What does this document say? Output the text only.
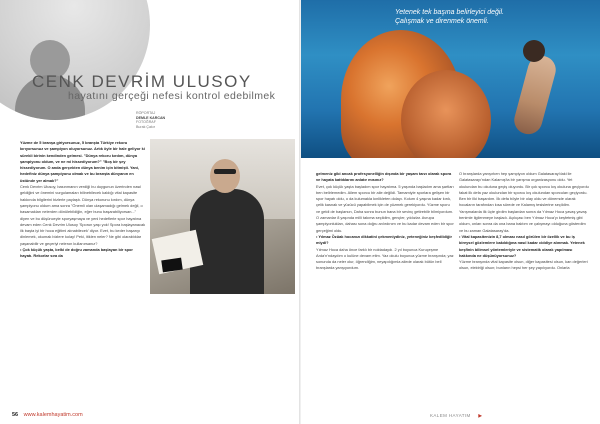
CENK DEVRİM ULUSOY
hayatını gerçeği nefesi kontrol edebilmek
RÖPORTAJ
DEMLE KARCAN
FOTOĞRAF
Burak Çakır

Yüzme de 5 branşa giriyorsunuz, 5 branşta Türkiye rekoru kırıyorsunuz ve şampiyon oluyorsunuz. Artık öyle bir hale geliyor ki sürekli birinin kendinden gelmesi. "Dünya rekoru kırdım, dünya şampiyonu oldum, ve ne mi hissediyorum?" "Boş bir şey hissediyorum. O anda gerçekten dünya benim için bitmişti. Yani, hedefiniz dünya şampiyonu olmak ve bu branşta dünyanın en üstünde yer almak?"

Cenk Devrim Ulusoy, basınmanın verdiği bu duygunun üzerinden nasıl geldiğini ve önemini vurgulamaları bilinebilecek kaldığı vital kapasite hakkında bilgilerini bizlerle paylaştı. Dünya rekorunu kırdım, dünya şampiyonu oldum ama sonra "Önemli olan ulaşamadığı gelmek değil, o basamakları nelerden dönülebildiğin, eğer bunu başarabiliyorsan..." diyen ve bu düşünceyle sporyaşmaya ve yeni hedeflerle spor hayatına devam eden Cenk Devrim Ulusoy 'Sporun yaşı yok! Spora başlayanacak ilk başta iyi bir hoca eğitimi alınabilecek' diyor. Evet, bu keder başarıyı dinlemek, okumak bizlere kolay! Peki, itiklen neler? Ne gibi olaraktıklar yaşanabilir ve geçeriyi neleron kullanırsanız?

• Çok küçük yaşta, belki de doğru zamanda başlayan bir spor hayatı. Rekorlar sıra da

56 www.kalemhayatim.com
Yetenek tek başına belirleyici değil.
Çalışmak ve direnmek önemli.

gelmeniz gibi ancak profesyonelliğin dışında bir yaşam tarzı olarak spora ve hayata kattıklarını anlatır mısınız?

Evet, çok küçük yaşta başladım spor hayatıma. 5 yaşında başladım ama şartları ben belirlemedim. Ailem sporcu bir aile değildi. Tamamiyle sporlara gelişen bir spor hayatı oldu, o da kulumakla kınlikleten dolayı. Kolum 4 yaşına kadar kırık, çelik kasnak ve yüzücü yapabilmek için de yüzmek gerekiyordu. Yüzme sporu ve geldi de başlarsın, Daha sonra bunun bana bir sevinç getirebilir bilmiyordum. O zamanlar 8 yaşında milli takıma seçildim, gençler, yıldızlar. Avrupa şampiyonlukları, dahası sona doğru anlırdınım ve bu kadar devam eden bir spor gerçeğimi oldu.

• Yılmaz Özüak hocanızı dikkatini çekmeniydiniz, yeteneğiniz keşfedildiğir miydi?

Yılmaz Hoca daha önce farklı bir noktadaydı. 2 yıl boyunca Kuruçeşme Arda'n'ndaydım o kulüne devam etim. Yaz okulu boyunca yüzme branşında; yaz sonunda da neler olur, öğrendiğim, neyapdığımla ailede olarak bütün bell branşlarda yarışıyordum.

O branşlarda yarışırken hep şampiyon oldum Galatasaray'daki ile Galatasarayı'ndan Kalamış'ta bir yarışma organizasyonu oldu. Yet okulundan bu okuluna geçiş oluyordu. Bir çok sporcu kış okuluna geçiyordu fakat ilk defa yaz okulundan bir sporcu kış okulundan sporcuları geçiyordu. Ben bir ilki başardım. İlk defa böyle bir olay oldu ve dönemde olarak hocaların tarafından kısa sürede ve Kalamış tesislerine seçildim. Yarışmalarda ilk üçte girdim başlardan sonra da Yılmaz Hoca yavaş yavaş benimle ilgilenmeye başladı. Açıkçası ben Yılmaz Hoca'yı keşfetmiş gibi oldum, onları sonra da ona bana baktım ve çalışmayı olduğuna gösterdim ve bu zaman Galatasaray'da.

• Vital kapasitenizin 8,7 olması nasıl görülen bir özellik ve bu iş bireysel gözlemlere bakıldığına nasıl kadar ciddiye alınmak. Yetenek keşfinin bilimsel yöntemleriyle ve sistematik olarak yapılması hakkında ne düşünüyorsunuz?

Yüzme branşında vital kapasite olsun, diğer kapasitesi olsun, kan değerleri olsun, elektriği olsun; bunların hepsi her şey yapılıyordu. Onlarla

KALEM HAYATIM ▶
